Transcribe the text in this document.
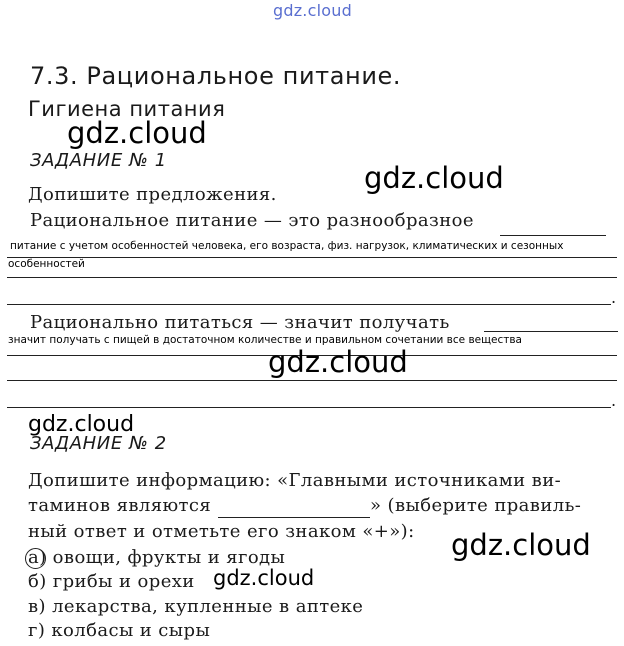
gdz.cloud
7.3. Рациональное питание.
Гигиена питания
gdz.cloud
ЗАДАНИЕ № 1
gdz.cloud
Допишите предложения.
Рациональное питание — это разнообразное
питание с учетом особенностей человека, его возраста, физ. нагрузок, климатических и сезонных
особенностей
.
Рационально питаться — значит получать
значит получать с пищей в достаточном количестве и правильном сочетании все вещества
gdz.cloud
.
gdz.cloud
ЗАДАНИЕ № 2
Допишите информацию: «Главными источниками ви-
таминов являются	» (выберите правиль-
ный ответ и отметьте его знаком «+»): gdz.cloud
а) овощи, фрукты и ягоды
б) грибы и орехи gdz.cloud
в) лекарства, купленные в аптеке
г) колбасы и сыры
